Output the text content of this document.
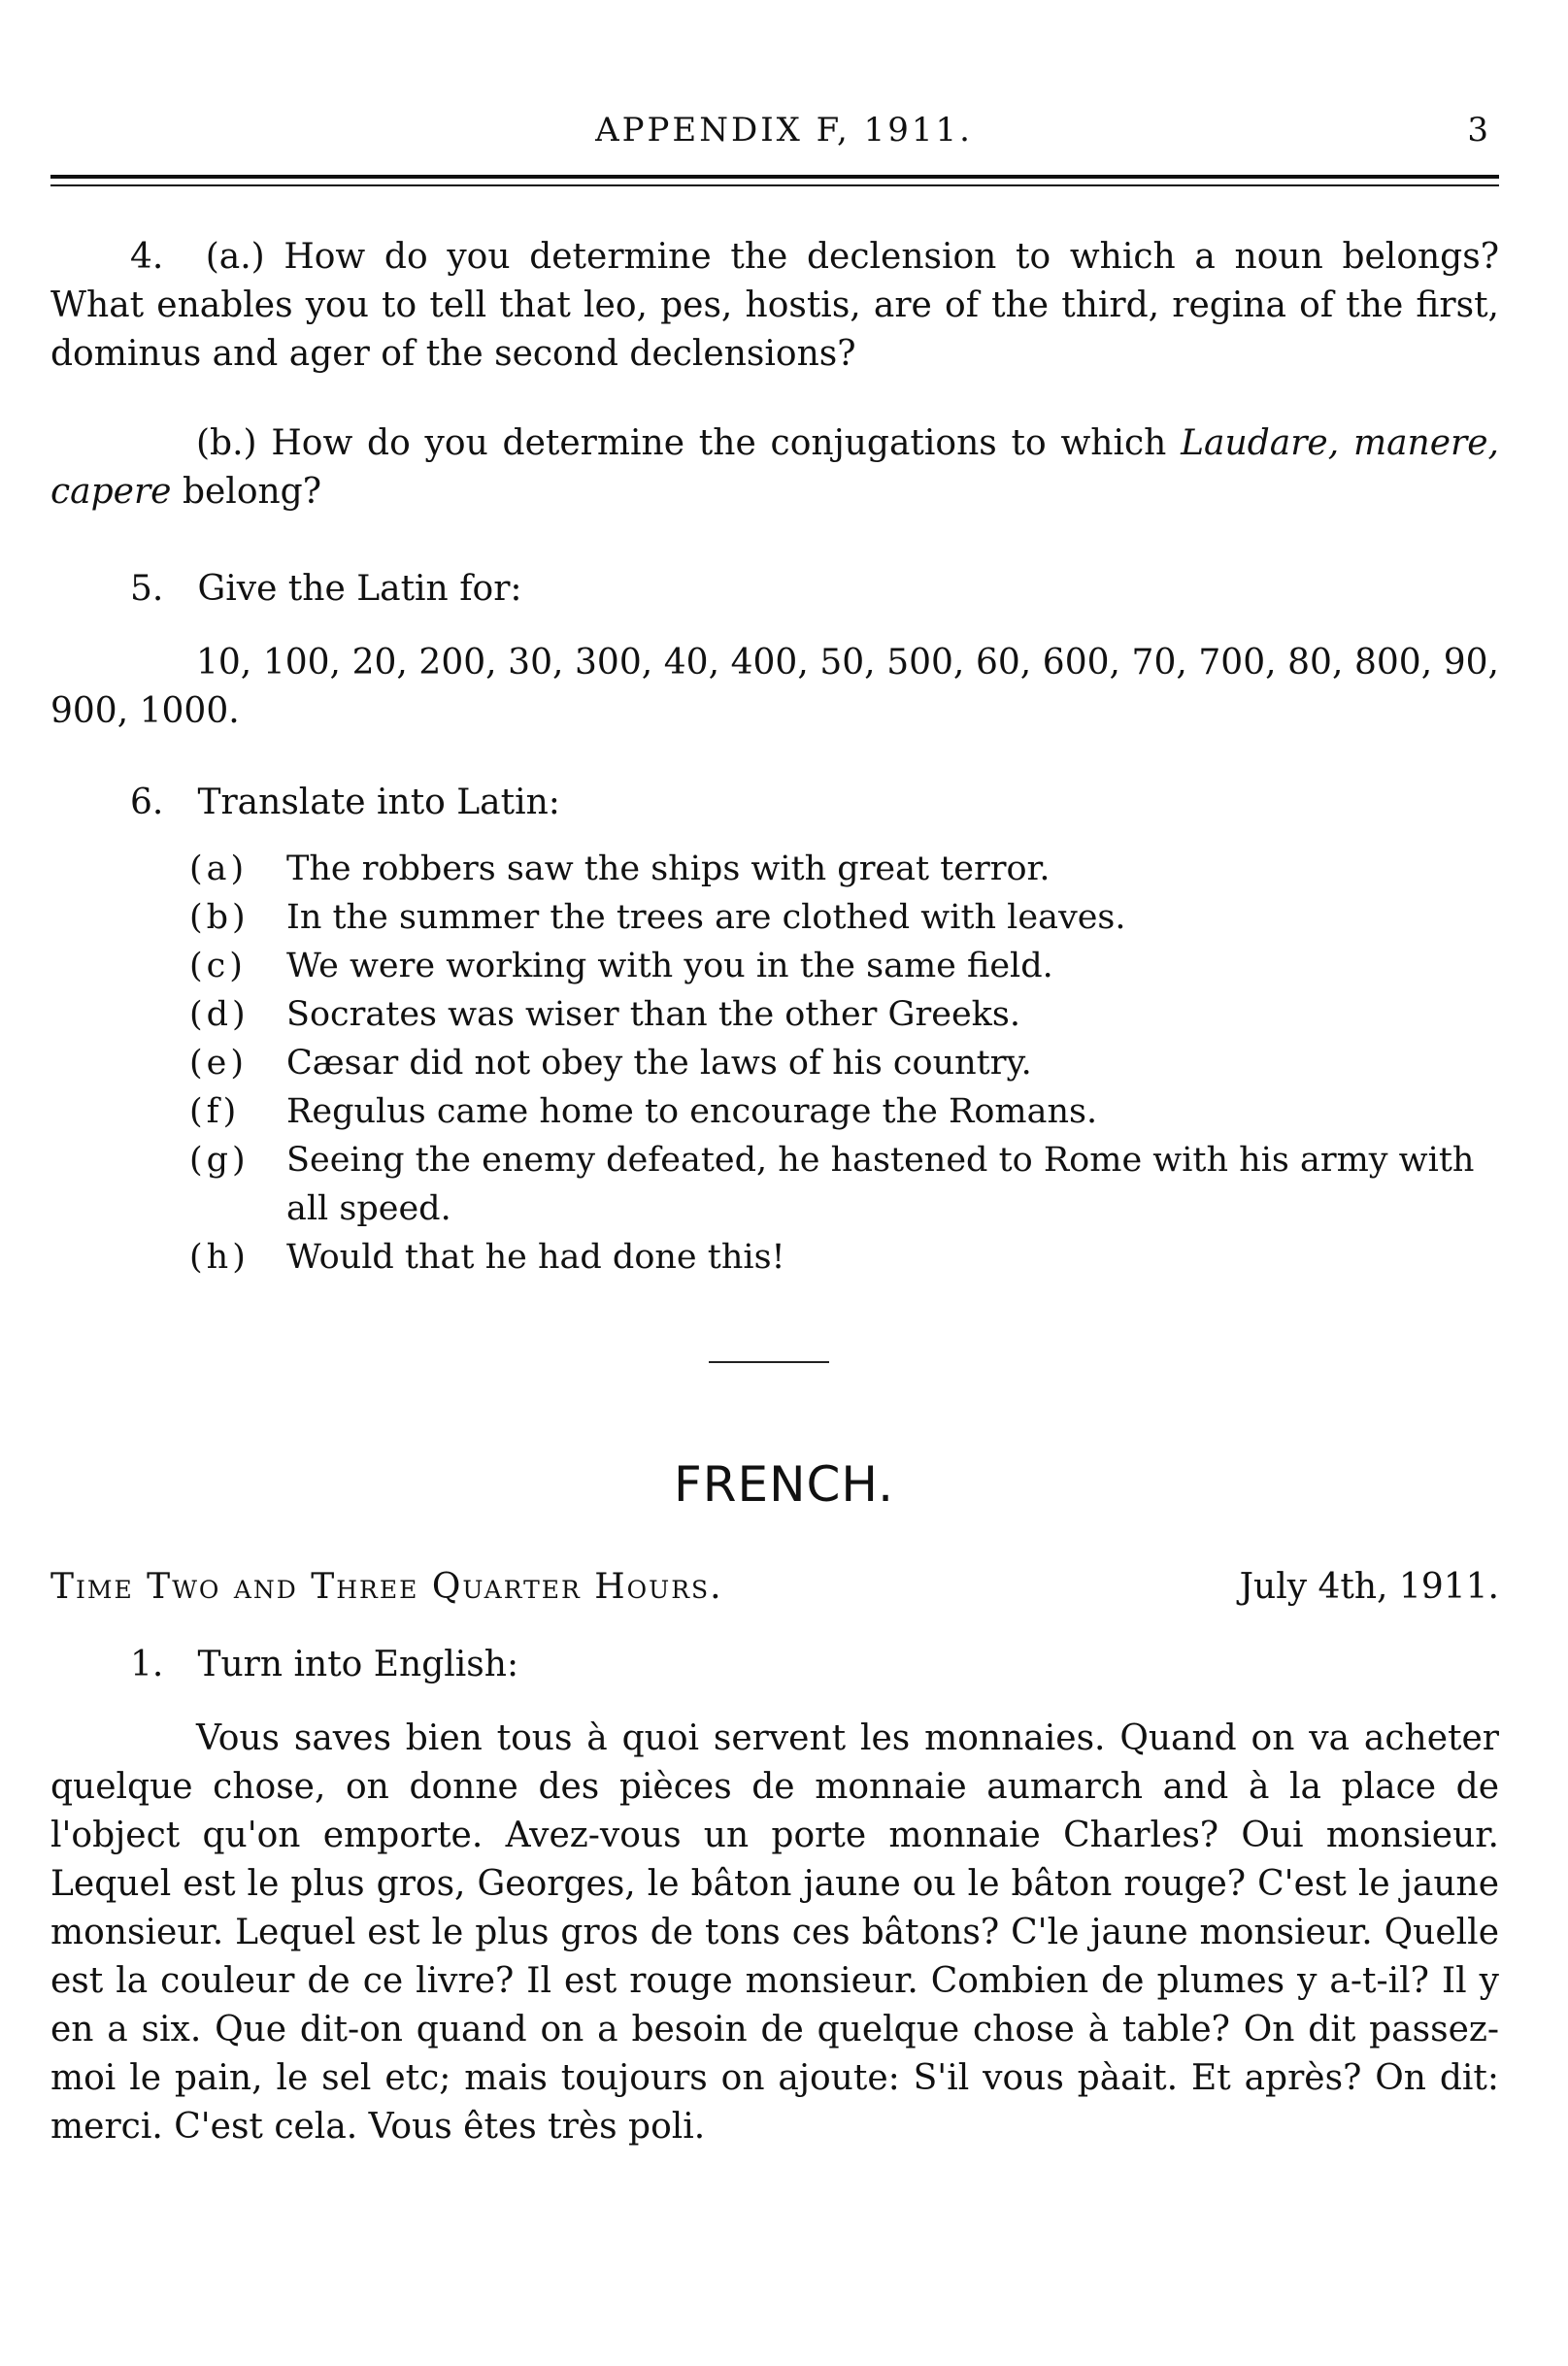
APPENDIX F, 1911.	3
4. (a.) How do you determine the declension to which a noun belongs? What enables you to tell that leo, pes, hostis, are of the third, regina of the first, dominus and ager of the second declensions?
(b.) How do you determine the conjugations to which Laudare, manere, capere belong?
5. Give the Latin for:
10, 100, 20, 200, 30, 300, 40, 400, 50, 500, 60, 600, 70, 700, 80, 800, 90, 900, 1000.
6. Translate into Latin:
(a)	The robbers saw the ships with great terror.
(b)	In the summer the trees are clothed with leaves.
(c)	We were working with you in the same field.
(d)	Socrates was wiser than the other Greeks.
(e)	Cæsar did not obey the laws of his country.
(f)	Regulus came home to encourage the Romans.
(g)	Seeing the enemy defeated, he hastened to Rome with his army with all speed.
(h)	Would that he had done this!
FRENCH.
Time Two and Three Quarter Hours.	July 4th, 1911.
1. Turn into English:
Vous saves bien tous à quoi servent les monnaies. Quand on va acheter quelque chose, on donne des pièces de monnaie aumarch and à la place de l'object qu'on emporte. Avez-vous un porte monnaie Charles? Oui monsieur. Lequel est le plus gros, Georges, le bâton jaune ou le bâton rouge? C'est le jaune monsieur. Lequel est le plus gros de tons ces bâtons? C'le jaune monsieur. Quelle est la couleur de ce livre? Il est rouge monsieur. Combien de plumes y a-t-il? Il y en a six. Que dit-on quand on a besoin de quelque chose à table? On dit passez-moi le pain, le sel etc; mais toujours on ajoute: S'il vous pàait. Et après? On dit: merci. C'est cela. Vous êtes très poli.
